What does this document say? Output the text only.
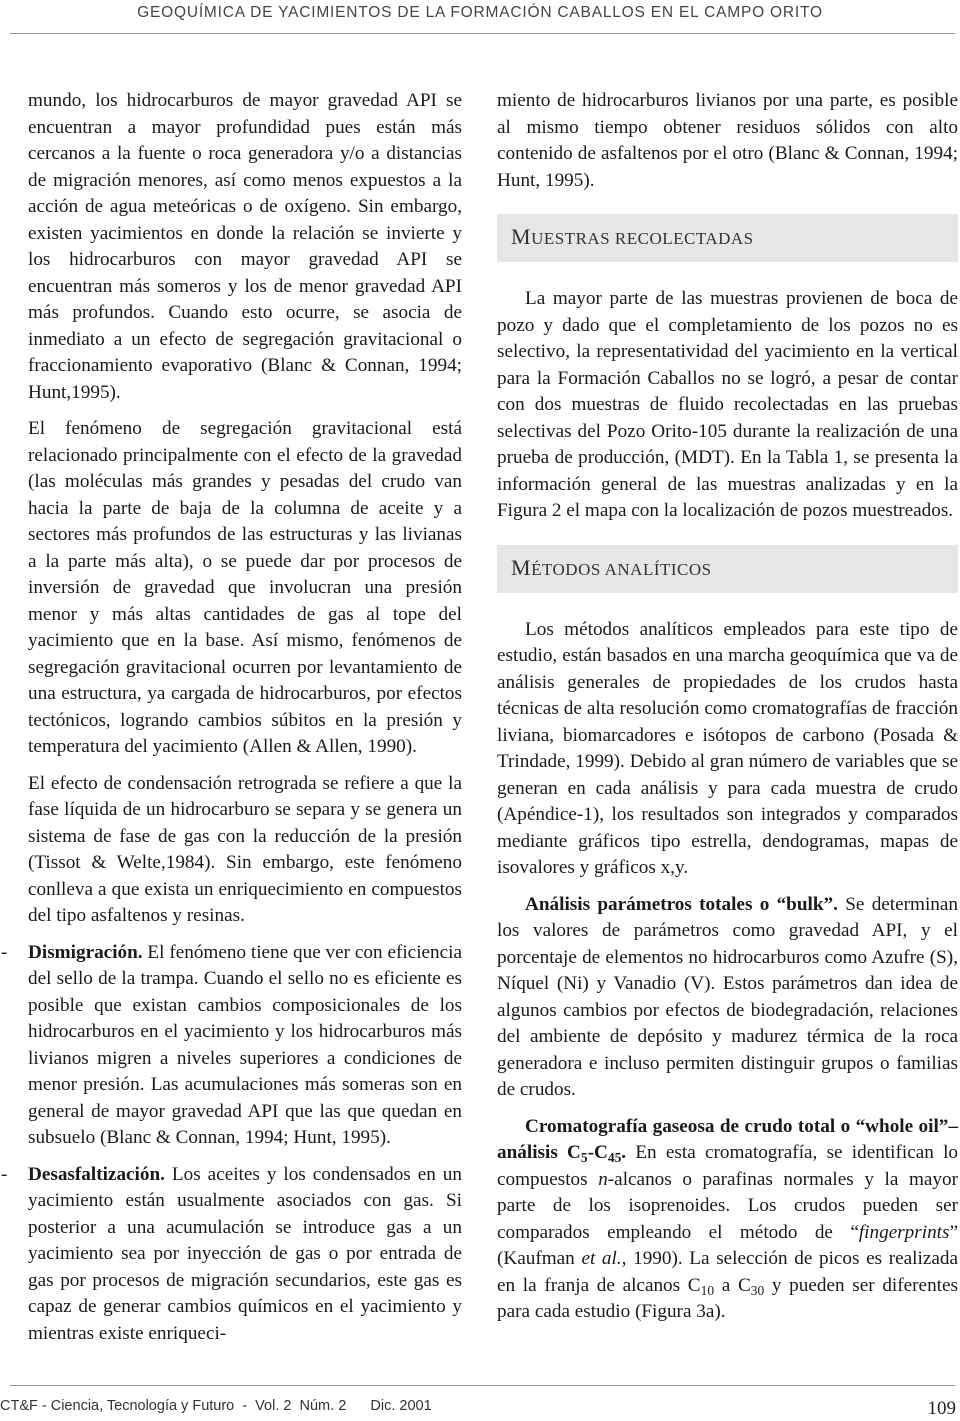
GEOQUÍMICA DE YACIMIENTOS DE LA FORMACIÓN CABALLOS EN EL CAMPO ORITO

mundo, los hidrocarburos de mayor gravedad API se encuentran a mayor profundidad pues están más cercanos a la fuente o roca generadora y/o a distancias de migración menores, así como menos expuestos a la acción de agua meteóricas o de oxígeno. Sin embargo, existen yacimientos en donde la relación se invierte y los hidrocarburos con mayor gravedad API se encuentran más someros y los de menor gravedad API más profundos. Cuando esto ocurre, se asocia de inmediato a un efecto de segregación gravitacional o fraccionamiento evaporativo (Blanc & Connan, 1994; Hunt,1995).

El fenómeno de segregación gravitacional está relacionado principalmente con el efecto de la gravedad (las moléculas más grandes y pesadas del crudo van hacia la parte de baja de la columna de aceite y a sectores más profundos de las estructuras y las livianas a la parte más alta), o se puede dar por procesos de inversión de gravedad que involucran una presión menor y más altas cantidades de gas al tope del yacimiento que en la base. Así mismo, fenómenos de segregación gravitacional ocurren por levantamiento de una estructura, ya cargada de hidrocarburos, por efectos tectónicos, logrando cambios súbitos en la presión y temperatura del yacimiento (Allen & Allen, 1990).

El efecto de condensación retrograda se refiere a que la fase líquida de un hidrocarburo se separa y se genera un sistema de fase de gas con la reducción de la presión (Tissot & Welte,1984). Sin embargo, este fenómeno conlleva a que exista un enriquecimiento en compuestos del tipo asfaltenos y resinas.

- Dismigración. El fenómeno tiene que ver con eficiencia del sello de la trampa. Cuando el sello no es eficiente es posible que existan cambios composicionales de los hidrocarburos en el yacimiento y los hidrocarburos más livianos migren a niveles superiores a condiciones de menor presión. Las acumulaciones más someras son en general de mayor gravedad API que las que quedan en subsuelo (Blanc & Connan, 1994; Hunt, 1995).

- Desasfaltización. Los aceites y los condensados en un yacimiento están usualmente asociados con gas. Si posterior a una acumulación se introduce gas a un yacimiento sea por inyección de gas o por entrada de gas por procesos de migración secundarios, este gas es capaz de generar cambios químicos en el yacimiento y mientras existe enriqueci-

miento de hidrocarburos livianos por una parte, es posible al mismo tiempo obtener residuos sólidos con alto contenido de asfaltenos por el otro (Blanc & Connan, 1994; Hunt, 1995).

MUESTRAS RECOLECTADAS

La mayor parte de las muestras provienen de boca de pozo y dado que el completamiento de los pozos no es selectivo, la representatividad del yacimiento en la vertical para la Formación Caballos no se logró, a pesar de contar con dos muestras de fluido recolectadas en las pruebas selectivas del Pozo Orito-105 durante la realización de una prueba de producción, (MDT). En la Tabla 1, se presenta la información general de las muestras analizadas y en la Figura 2 el mapa con la localización de pozos muestreados.

MÉTODOS ANALÍTICOS

Los métodos analíticos empleados para este tipo de estudio, están basados en una marcha geoquímica que va de análisis generales de propiedades de los crudos hasta técnicas de alta resolución como cromatografías de fracción liviana, biomarcadores e isótopos de carbono (Posada & Trindade, 1999). Debido al gran número de variables que se generan en cada análisis y para cada muestra de crudo (Apéndice-1), los resultados son integrados y comparados mediante gráficos tipo estrella, dendogramas, mapas de isovalores y gráficos x,y.

Análisis parámetros totales o “bulk”. Se determinan los valores de parámetros como gravedad API, y el porcentaje de elementos no hidrocarburos como Azufre (S), Níquel (Ni) y Vanadio (V). Estos parámetros dan idea de algunos cambios por efectos de biodegradación, relaciones del ambiente de depósito y madurez térmica de la roca generadora e incluso permiten distinguir grupos o familias de crudos.

Cromatografía gaseosa de crudo total o “whole oil”– análisis $C_5-C_{45}$. En esta cromatografía, se identifican lo compuestos n-alcanos o parafinas normales y la mayor parte de los isoprenoides. Los crudos pueden ser comparados empleando el método de “fingerprints” (Kaufman et al., 1990). La selección de picos es realizada en la franja de alcanos $C_{10}$ a $C_{30}$ y pueden ser diferentes para cada estudio (Figura 3a).

CT&F - Ciencia, Tecnología y Futuro  -  Vol. 2  Núm. 2      Dic. 2001	109
